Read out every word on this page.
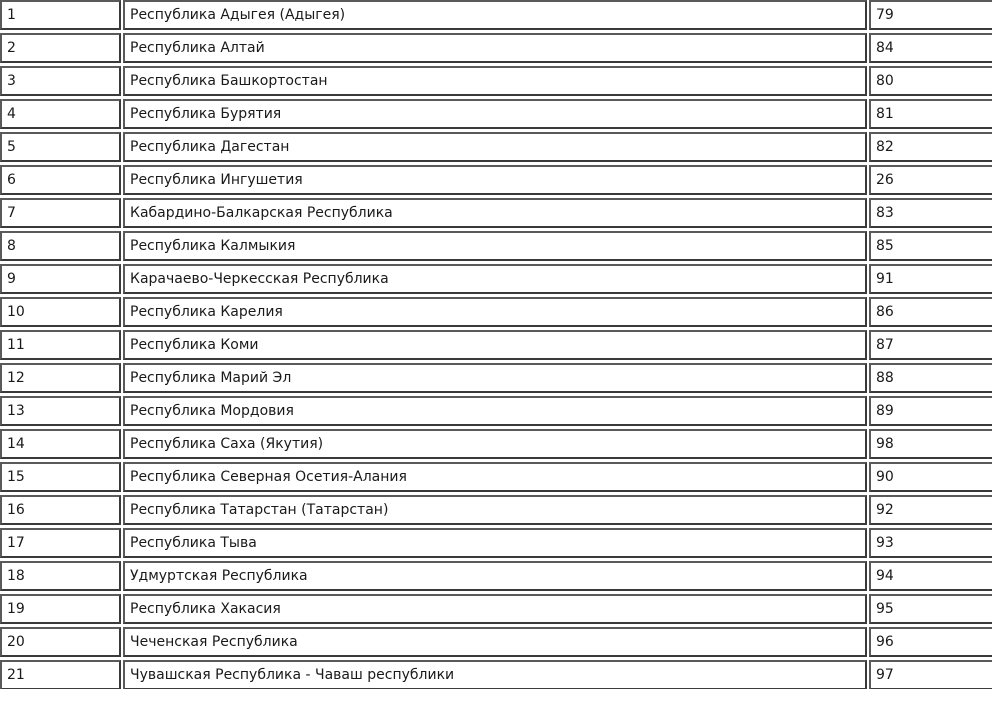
1	Республика Адыгея (Адыгея)	79
2	Республика Алтай	84
3	Республика Башкортостан	80
4	Республика Бурятия	81
5	Республика Дагестан	82
6	Республика Ингушетия	26
7	Кабардино-Балкарская Республика	83
8	Республика Калмыкия	85
9	Карачаево-Черкесская Республика	91
10	Республика Карелия	86
11	Республика Коми	87
12	Республика Марий Эл	88
13	Республика Мордовия	89
14	Республика Саха (Якутия)	98
15	Республика Северная Осетия-Алания	90
16	Республика Татарстан (Татарстан)	92
17	Республика Тыва	93
18	Удмуртская Республика	94
19	Республика Хакасия	95
20	Чеченская Республика	96
21	Чувашская Республика - Чаваш республики	97
